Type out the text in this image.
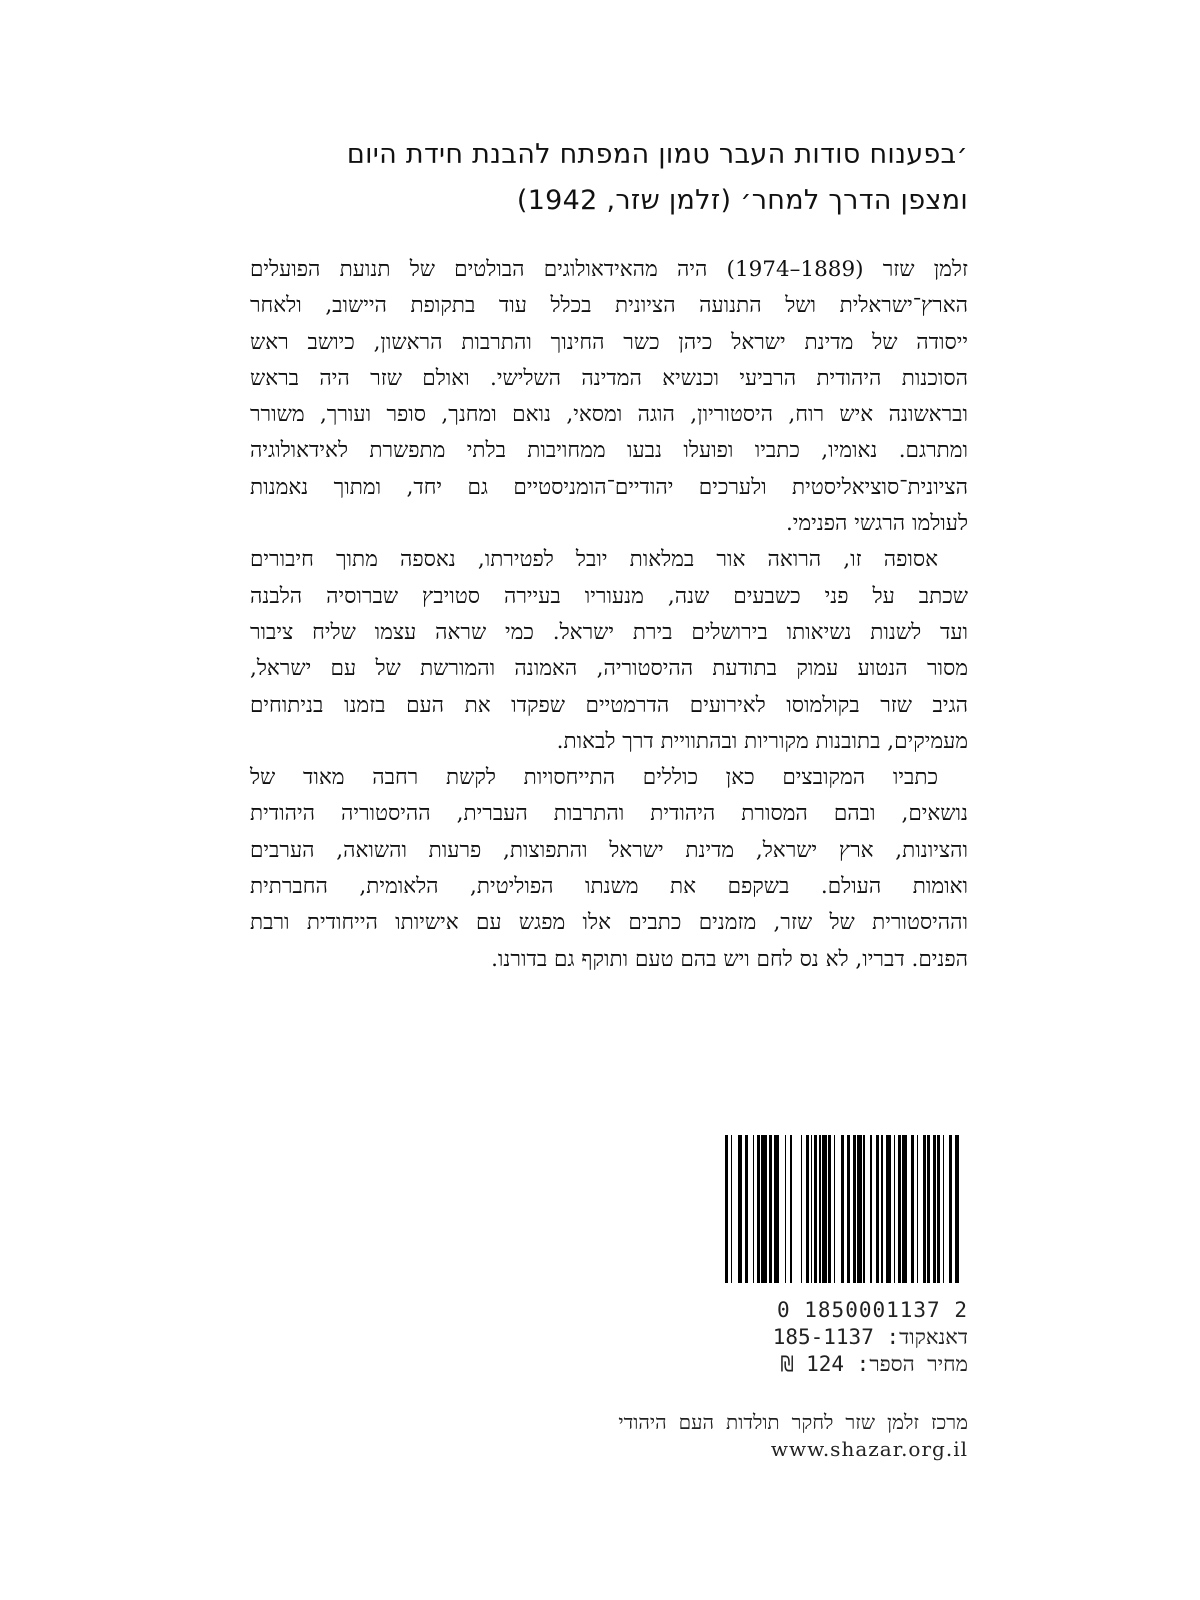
׳בפענוח סודות העבר טמון המפתח להבנת חידת היום
ומצפן הדרך למחר׳ (זלמן שזר, 1942)
זלמן שזר (1889–1974) היה מהאידאולוגים הבולטים של תנועת הפועלים
הארץ־ישראלית ושל התנועה הציונית בכלל עוד בתקופת היישוב, ולאחר
ייסודה של מדינת ישראל כיהן כשר החינוך והתרבות הראשון, כיושב ראש
הסוכנות היהודית הרביעי וכנשיא המדינה השלישי. ואולם שזר היה בראש
ובראשונה איש רוח, היסטוריון, הוגה ומסאי, נואם ומחנך, סופר ועורך, משורר
ומתרגם. נאומיו, כתביו ופועלו נבעו ממחויבות בלתי מתפשרת לאידאולוגיה
הציונית־סוציאליסטית ולערכים יהודיים־הומניסטיים גם יחד, ומתוך נאמנות
לעולמו הרגשי הפנימי.
אסופה זו, הרואה אור במלאות יובל לפטירתו, נאספה מתוך חיבורים
שכתב על פני כשבעים שנה, מנעוריו בעיירה סטויבץ שברוסיה הלבנה
ועד לשנות נשיאותו בירושלים בירת ישראל. כמי שראה עצמו שליח ציבור
מסור הנטוע עמוק בתודעת ההיסטוריה, האמונה והמורשת של עם ישראל,
הגיב שזר בקולמוסו לאירועים הדרמטיים שפקדו את העם בזמנו בניתוחים
מעמיקים, בתובנות מקוריות ובהתוויית דרך לבאות.
כתביו המקובצים כאן כוללים התייחסויות לקשת רחבה מאוד של
נושאים, ובהם המסורת היהודית והתרבות העברית, ההיסטוריה היהודית
והציונות, ארץ ישראל, מדינת ישראל והתפוצות, פרעות והשואה, הערבים
ואומות העולם. בשקפם את משנתו הפוליטית, הלאומית, החברתית
וההיסטורית של שזר, מזמנים כתבים אלו מפגש עם אישיותו הייחודית ורבת
הפנים. דבריו, לא נס לחם ויש בהם טעם ותוקף גם בדורנו.
0 1850001137 2
דאנאקוד: 185-1137
מחיר הספר: 124 ₪
מרכז זלמן שזר לחקר תולדות העם היהודי
www.shazar.org.il
